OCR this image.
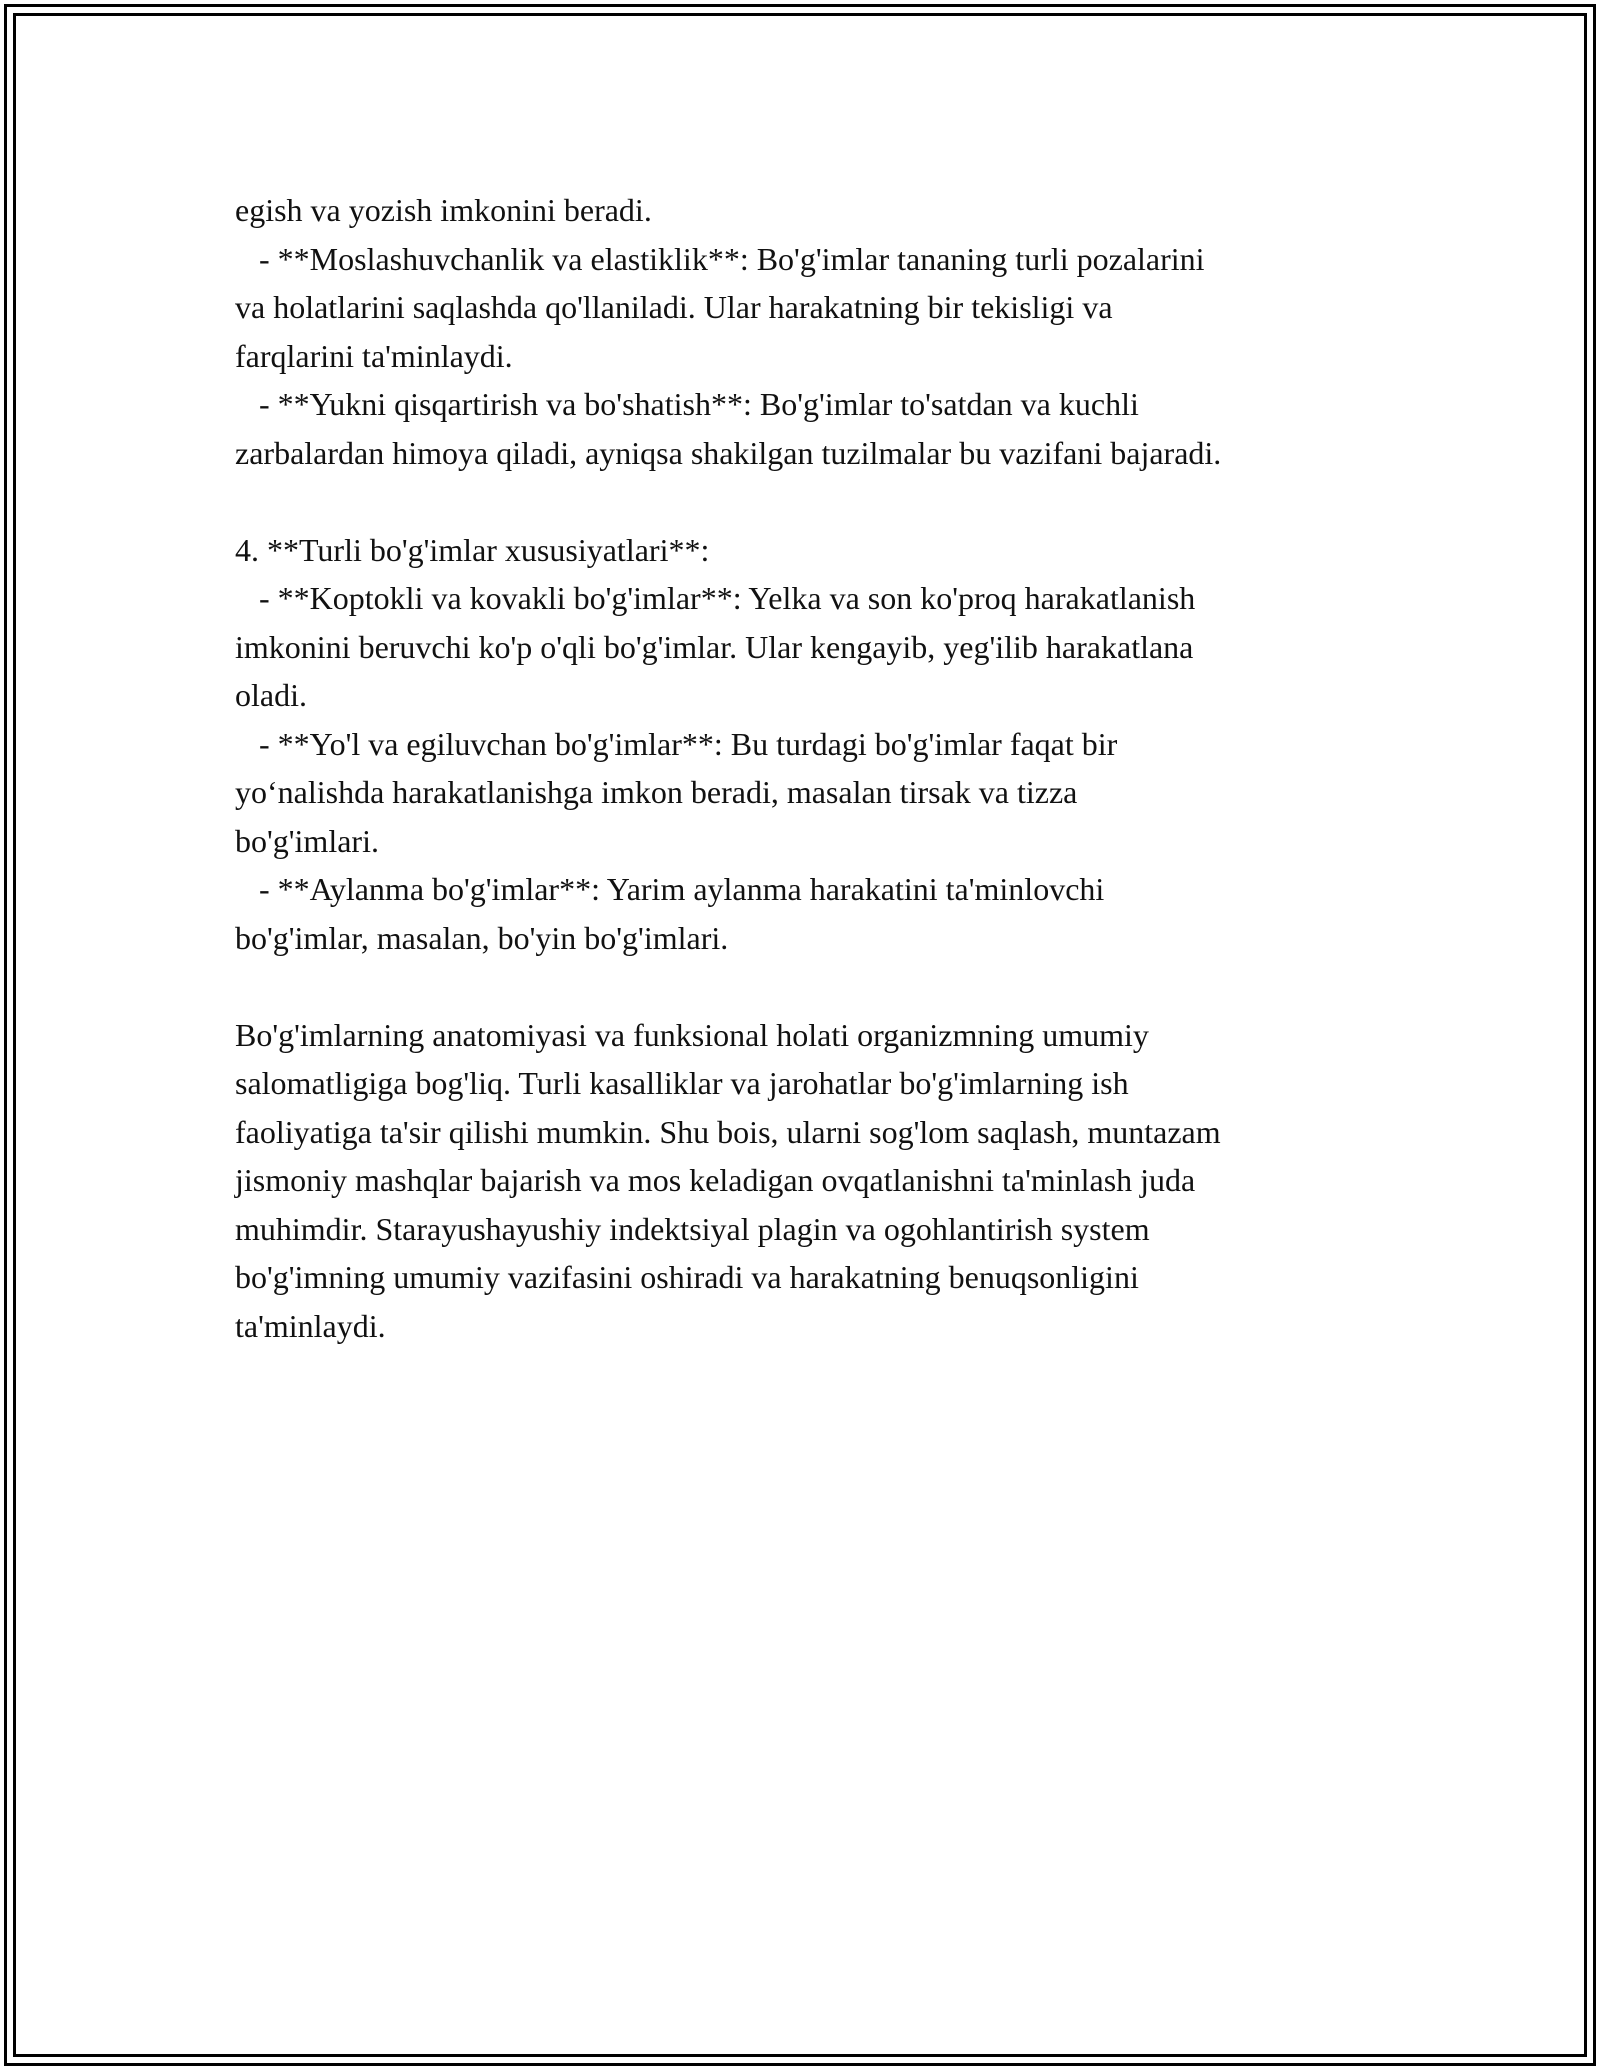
egish va yozish imkonini beradi.
- **Moslashuvchanlik va elastiklik**: Bo'g'imlar tananing turli pozalarini
va holatlarini saqlashda qo'llaniladi. Ular harakatning bir tekisligi va
farqlarini ta'minlaydi.
- **Yukni qisqartirish va bo'shatish**: Bo'g'imlar to'satdan va kuchli
zarbalardan himoya qiladi, ayniqsa shakilgan tuzilmalar bu vazifani bajaradi.
4. **Turli bo'g'imlar xususiyatlari**:
- **Koptokli va kovakli bo'g'imlar**: Yelka va son ko'proq harakatlanish
imkonini beruvchi ko'p o'qli bo'g'imlar. Ular kengayib, yeg'ilib harakatlana
oladi.
- **Yo'l va egiluvchan bo'g'imlar**: Bu turdagi bo'g'imlar faqat bir
yo‘nalishda harakatlanishga imkon beradi, masalan tirsak va tizza
bo'g'imlari.
- **Aylanma bo'g'imlar**: Yarim aylanma harakatini ta'minlovchi
bo'g'imlar, masalan, bo'yin bo'g'imlari.
Bo'g'imlarning anatomiyasi va funksional holati organizmning umumiy
salomatligiga bog'liq. Turli kasalliklar va jarohatlar bo'g'imlarning ish
faoliyatiga ta'sir qilishi mumkin. Shu bois, ularni sog'lom saqlash, muntazam
jismoniy mashqlar bajarish va mos keladigan ovqatlanishni ta'minlash juda
muhimdir. Starayushayushiy indektsiyal plagin va ogohlantirish system
bo'g'imning umumiy vazifasini oshiradi va harakatning benuqsonligini
ta'minlaydi.
